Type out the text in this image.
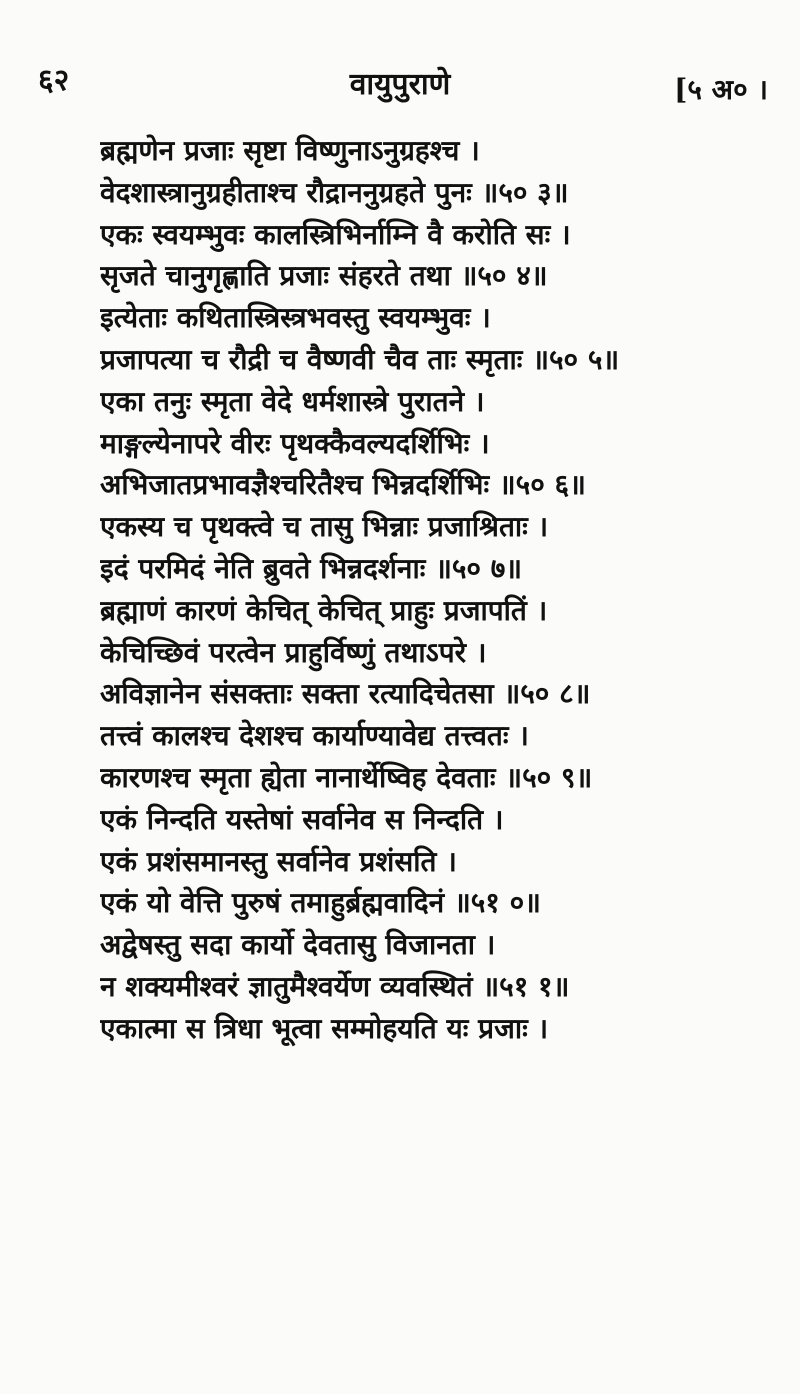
६२	वायुपुराणे	[५ अ० ।
ब्रह्मणेन प्रजाः सृष्टा विष्णुनाऽनुग्रहश्च ।
वेदशास्त्रानुग्रहीताश्च रौद्राननुग्रहते पुनः ॥५० ३॥
एकः स्वयम्भुवः कालस्त्रिभिर्नाम्नि वै करोति सः ।
सृजते चानुगृह्णाति प्रजाः संहरते तथा ॥५० ४॥
इत्येताः कथितास्त्रिस्त्रभवस्तु स्वयम्भुवः ।
प्रजापत्या च रौद्री च वैष्णवी चैव ताः स्मृताः ॥५० ५॥
एका तनुः स्मृता वेदे धर्मशास्त्रे पुरातने ।
माङ्गल्येनापरे वीरः पृथक्कैवल्यदर्शिभिः ।
अभिजातप्रभावज्ञैश्चरितैश्च भिन्नदर्शिभिः ॥५० ६॥
एकस्य च पृथक्त्वे च तासु भिन्नाः प्रजाश्रिताः ।
इदं परमिदं नेति ब्रुवते भिन्नदर्शनाः ॥५० ७॥
ब्रह्माणं कारणं केचित् केचित् प्राहुः प्रजापतिं ।
केचिच्छिवं परत्वेन प्राहुर्विष्णुं तथाऽपरे ।
अविज्ञानेन संसक्ताः सक्ता रत्यादिचेतसा ॥५० ८॥
तत्त्वं कालश्च देशश्च कार्याण्यावेद्य तत्त्वतः ।
कारणश्च स्मृता ह्येता नानार्थेष्विह देवताः ॥५० ९॥
एकं निन्दति यस्तेषां सर्वानेव स निन्दति ।
एकं प्रशंसमानस्तु सर्वानेव प्रशंसति ।
एकं यो वेत्ति पुरुषं तमाहुर्ब्रह्मवादिनं ॥५१ ०॥
अद्वेषस्तु सदा कार्यो देवतासु विजानता ।
न शक्यमीश्वरं ज्ञातुमैश्वर्येण व्यवस्थितं ॥५१ १॥
एकात्मा स त्रिधा भूत्वा सम्मोहयति यः प्रजाः ।
